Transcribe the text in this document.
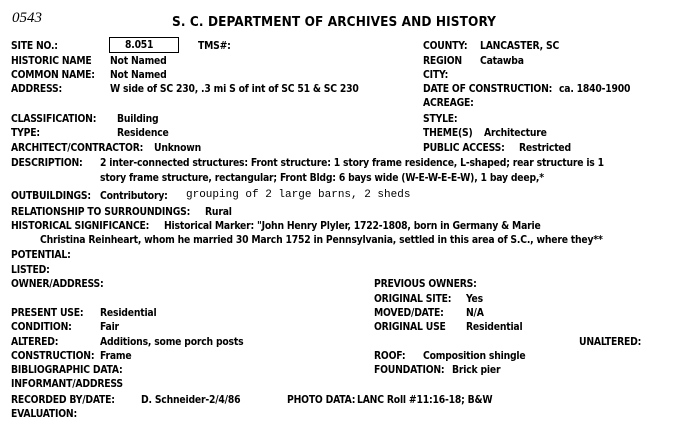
0543	S. C. DEPARTMENT OF ARCHIVES AND HISTORY
SITE NO.:	8.051	TMS#:
HISTORIC NAME Not Named
COMMON NAME: Not Named
ADDRESS:	W side of SC 230, .3 mi S of int of SC 51 & SC 230
CLASSIFICATION: Building
TYPE:	Residence
ARCHITECT/CONTRACTOR: Unknown
DESCRIPTION: 2 inter-connected structures: Front structure: 1 story frame residence, L-shaped; rear structure is 1
story frame structure, rectangular; Front Bldg: 6 bays wide (W-E-W-E-E-W), 1 bay deep,*
OUTBUILDINGS: Contributory: grouping of 2 large barns, 2 sheds
RELATIONSHIP TO SURROUNDINGS: Rural
HISTORICAL SIGNIFICANCE: Historical Marker: "John Henry Plyler, 1722-1808, born in Germany & Marie
Christina Reinheart, whom he married 30 March 1752 in Pennsylvania, settled in this area of S.C., where they**
POTENTIAL:
LISTED:
OWNER/ADDRESS:
PRESENT USE: Residential
CONDITION:	Fair
ALTERED:	Additions, some porch posts
CONSTRUCTION: Frame
BIBLIOGRAPHIC DATA:
INFORMANT/ADDRESS
RECORDED BY/DATE:	D. Schneider-2/4/86	PHOTO DATA: LANC Roll #11:16-18; B&W
EVALUATION:
COUNTY: LANCASTER, SC
REGION Catawba
CITY:
DATE OF CONSTRUCTION: ca. 1840-1900
ACREAGE:
STYLE:
THEME(S) Architecture
PUBLIC ACCESS: Restricted
PREVIOUS OWNERS:
ORIGINAL SITE: Yes
MOVED/DATE: N/A
ORIGINAL USE Residential
UNALTERED:
ROOF: Composition shingle
FOUNDATION: Brick pier
